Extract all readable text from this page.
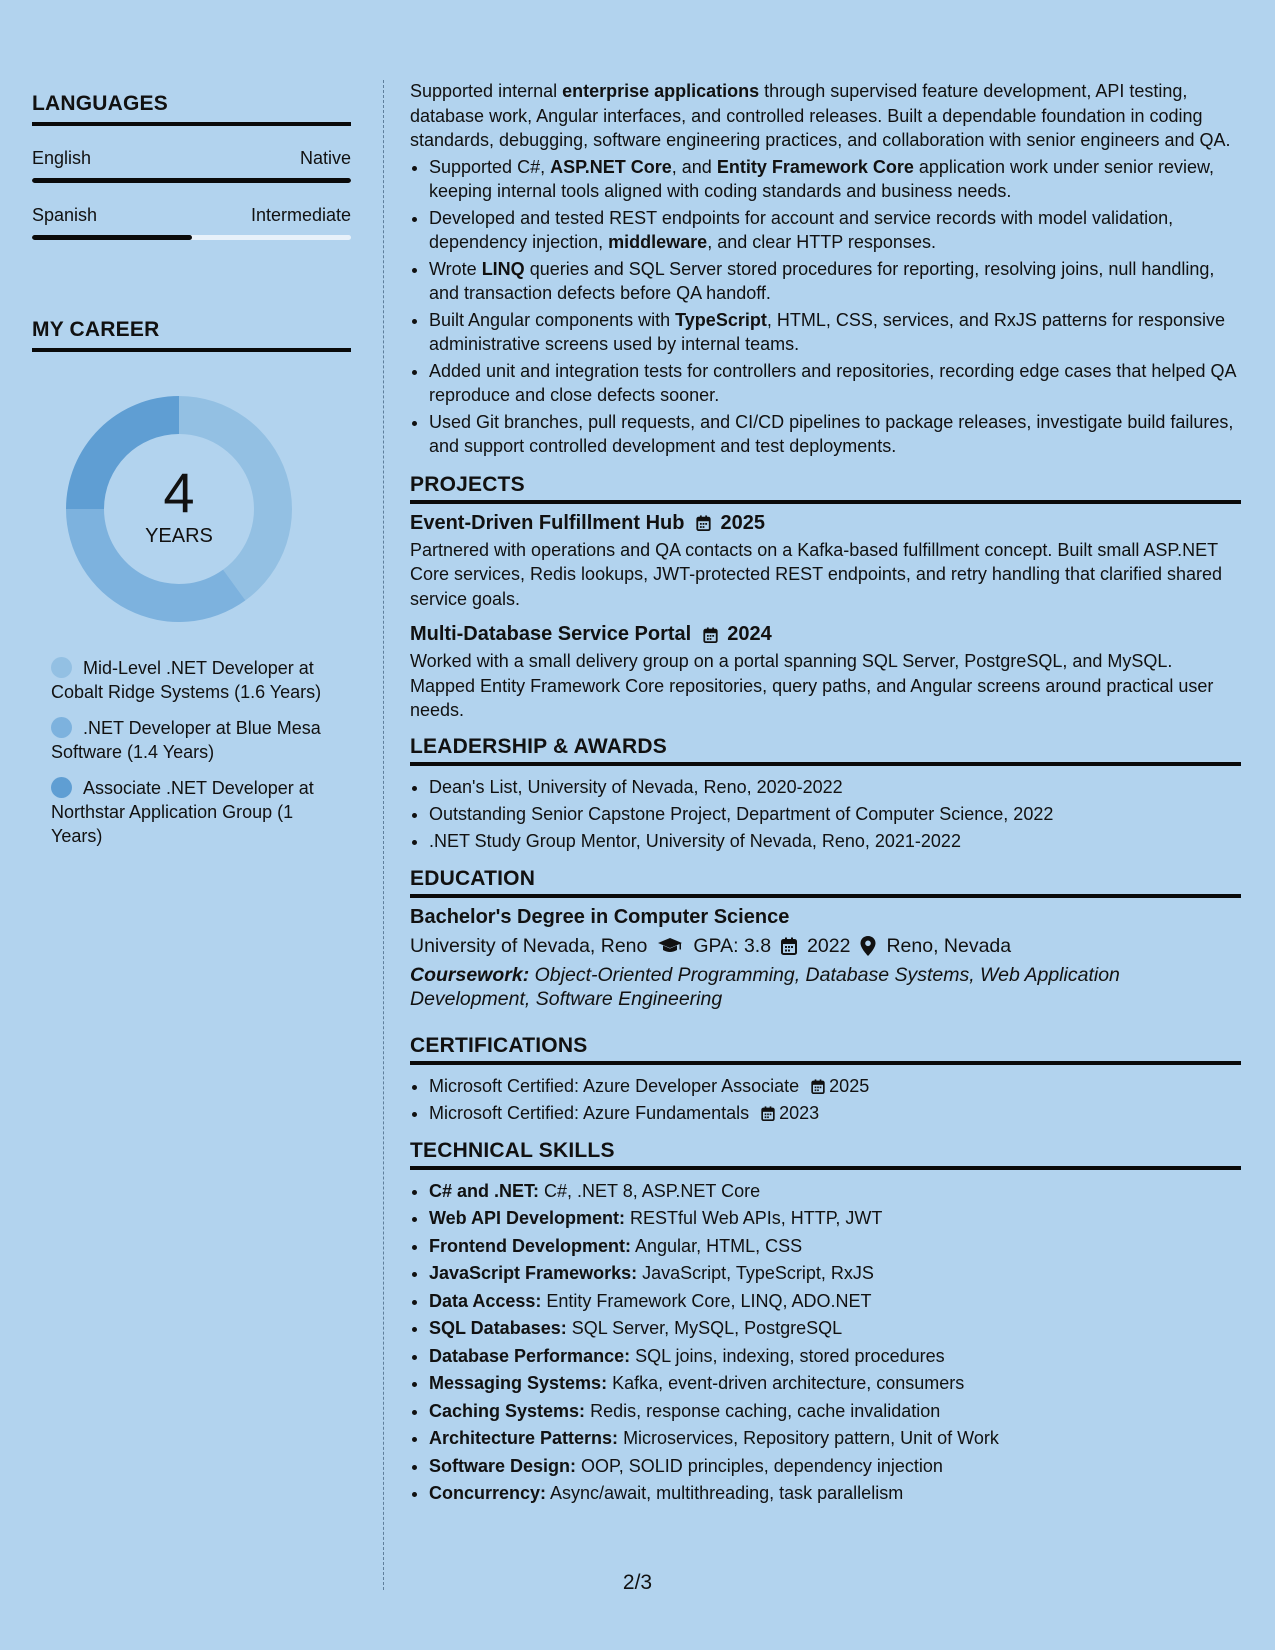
LANGUAGES
English	Native
Spanish	Intermediate
MY CAREER
4
YEARS
Mid-Level .NET Developer at Cobalt Ridge Systems (1.6 Years)
.NET Developer at Blue Mesa Software (1.4 Years)
Associate .NET Developer at Northstar Application Group (1 Years)

Supported internal enterprise applications through supervised feature development, API testing, database work, Angular interfaces, and controlled releases. Built a dependable foundation in coding standards, debugging, software engineering practices, and collaboration with senior engineers and QA.

• Supported C#, ASP.NET Core, and Entity Framework Core application work under senior review, keeping internal tools aligned with coding standards and business needs.
• Developed and tested REST endpoints for account and service records with model validation, dependency injection, middleware, and clear HTTP responses.
• Wrote LINQ queries and SQL Server stored procedures for reporting, resolving joins, null handling, and transaction defects before QA handoff.
• Built Angular components with TypeScript, HTML, CSS, services, and RxJS patterns for responsive administrative screens used by internal teams.
• Added unit and integration tests for controllers and repositories, recording edge cases that helped QA reproduce and close defects sooner.
• Used Git branches, pull requests, and CI/CD pipelines to package releases, investigate build failures, and support controlled development and test deployments.
PROJECTS
Event-Driven Fulfillment Hub 2025

Partnered with operations and QA contacts on a Kafka-based fulfillment concept. Built small ASP.NET Core services, Redis lookups, JWT-protected REST endpoints, and retry handling that clarified shared service goals.

Multi-Database Service Portal 2024

Worked with a small delivery group on a portal spanning SQL Server, PostgreSQL, and MySQL. Mapped Entity Framework Core repositories, query paths, and Angular screens around practical user needs.

LEADERSHIP & AWARDS
• Dean's List, University of Nevada, Reno, 2020-2022
• Outstanding Senior Capstone Project, Department of Computer Science, 2022
• .NET Study Group Mentor, University of Nevada, Reno, 2021-2022
EDUCATION
Bachelor's Degree in Computer Science
University of Nevada, Reno GPA: 3.8 2022 Reno, Nevada
Coursework: Object-Oriented Programming, Database Systems, Web Application Development, Software Engineering
CERTIFICATIONS
• Microsoft Certified: Azure Developer Associate 2025
• Microsoft Certified: Azure Fundamentals 2023
TECHNICAL SKILLS
• C# and .NET: C#, .NET 8, ASP.NET Core
• Web API Development: RESTful Web APIs, HTTP, JWT
• Frontend Development: Angular, HTML, CSS
• JavaScript Frameworks: JavaScript, TypeScript, RxJS
• Data Access: Entity Framework Core, LINQ, ADO.NET
• SQL Databases: SQL Server, MySQL, PostgreSQL
• Database Performance: SQL joins, indexing, stored procedures
• Messaging Systems: Kafka, event-driven architecture, consumers
• Caching Systems: Redis, response caching, cache invalidation
• Architecture Patterns: Microservices, Repository pattern, Unit of Work
• Software Design: OOP, SOLID principles, dependency injection
• Concurrency: Async/await, multithreading, task parallelism
2/3
